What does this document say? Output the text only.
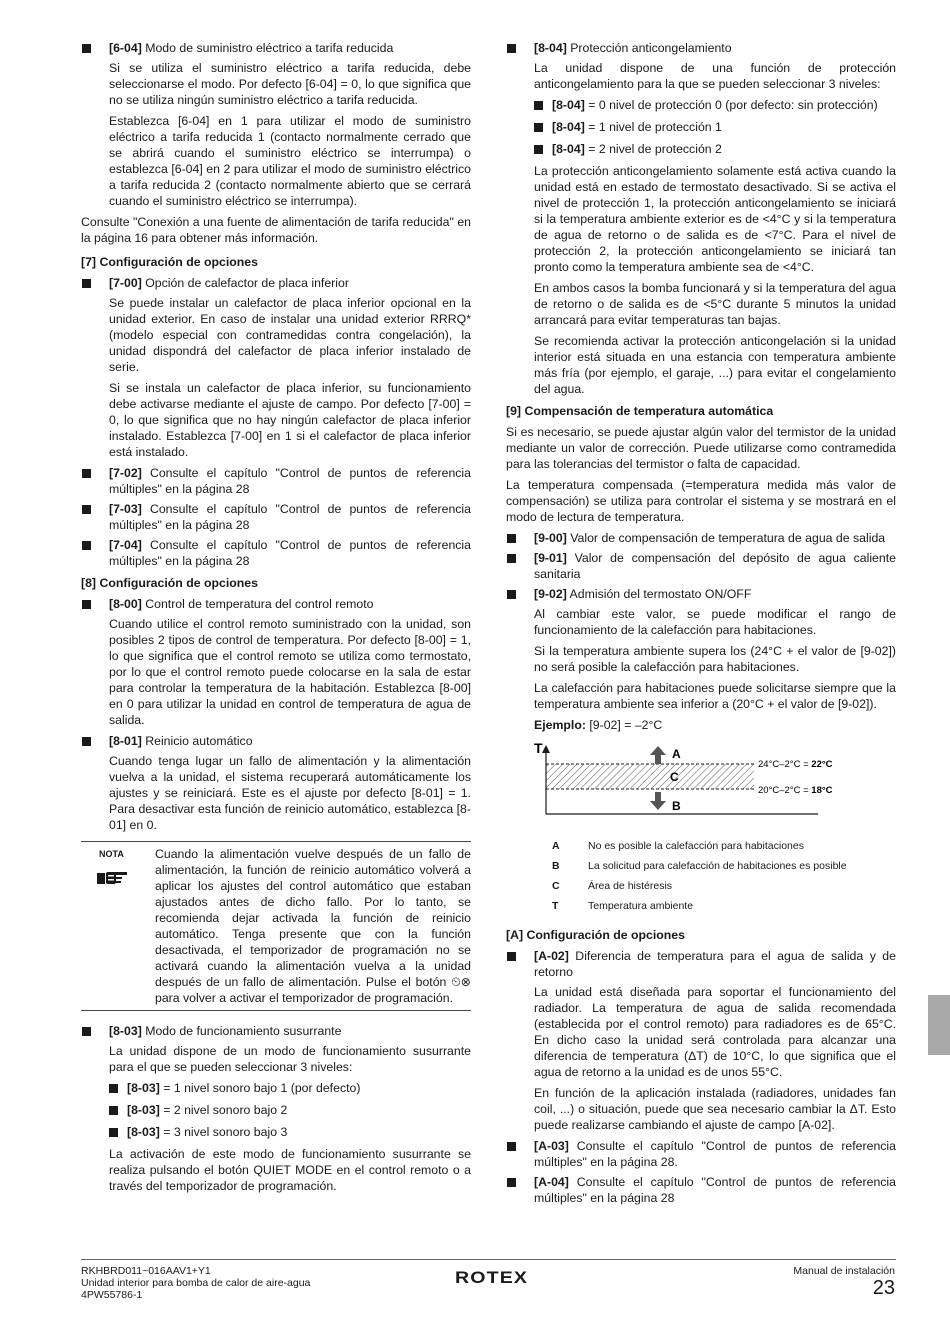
[6-04] Modo de suministro eléctrico a tarifa reducida

Si se utiliza el suministro eléctrico a tarifa reducida, debe seleccionarse el modo. Por defecto [6-04] = 0, lo que significa que no se utiliza ningún suministro eléctrico a tarifa reducida.

Establezca [6-04] en 1 para utilizar el modo de suministro eléctrico a tarifa reducida 1 (contacto normalmente cerrado que se abrirá cuando el suministro eléctrico se interrumpa) o establezca [6-04] en 2 para utilizar el modo de suministro eléctrico a tarifa reducida 2 (contacto normalmente abierto que se cerrará cuando el suministro eléctrico se interrumpa).

Consulte "Conexión a una fuente de alimentación de tarifa reducida" en la página 16 para obtener más información.

[7] Configuración de opciones
[7-00] Opción de calefactor de placa inferior

Se puede instalar un calefactor de placa inferior opcional en la unidad exterior. En caso de instalar una unidad exterior RRRQ* (modelo especial con contramedidas contra congelación), la unidad dispondrá del calefactor de placa inferior instalado de serie.

Si se instala un calefactor de placa inferior, su funcionamiento debe activarse mediante el ajuste de campo. Por defecto [7-00] = 0, lo que significa que no hay ningún calefactor de placa inferior instalado. Establezca [7-00] en 1 si el calefactor de placa inferior está instalado.

[7-02] Consulte el capítulo "Control de puntos de referencia múltiples" en la página 28
[7-03] Consulte el capítulo "Control de puntos de referencia múltiples" en la página 28
[7-04] Consulte el capítulo "Control de puntos de referencia múltiples" en la página 28
[8] Configuración de opciones
[8-00] Control de temperatura del control remoto

Cuando utilice el control remoto suministrado con la unidad, son posibles 2 tipos de control de temperatura. Por defecto [8-00] = 1, lo que significa que el control remoto se utiliza como termostato, por lo que el control remoto puede colocarse en la sala de estar para controlar la temperatura de la habitación. Establezca [8-00] en 0 para utilizar la unidad en control de temperatura de agua de salida.

[8-01] Reinicio automático

Cuando tenga lugar un fallo de alimentación y la alimentación vuelva a la unidad, el sistema recuperará automáticamente los ajustes y se reiniciará. Este es el ajuste por defecto [8-01] = 1. Para desactivar esta función de reinicio automático, establezca [8-01] en 0.

NOTA	Cuando la alimentación vuelve después de un fallo de alimentación, la función de reinicio automático volverá a aplicar los ajustes del control automático que estaban ajustados antes de dicho fallo. Por lo tanto, se recomienda dejar activada la función de reinicio automático. Tenga presente que con la función desactivada, el temporizador de programación no se activará cuando la alimentación vuelva a la unidad después de un fallo de alimentación. Pulse el botón ⏲⊗ para volver a activar el temporizador de programación.
[8-03] Modo de funcionamiento susurrante

La unidad dispone de un modo de funcionamiento susurrante para el que se pueden seleccionar 3 niveles:

[8-03] = 1 nivel sonoro bajo 1 (por defecto)
[8-03] = 2 nivel sonoro bajo 2
[8-03] = 3 nivel sonoro bajo 3

La activación de este modo de funcionamiento susurrante se realiza pulsando el botón QUIET MODE en el control remoto o a través del temporizador de programación.

[8-04] Protección anticongelamiento

La unidad dispone de una función de protección anticongelamiento para la que se pueden seleccionar 3 niveles:

[8-04] = 0 nivel de protección 0 (por defecto: sin protección)
[8-04] = 1 nivel de protección 1
[8-04] = 2 nivel de protección 2

La protección anticongelamiento solamente está activa cuando la unidad está en estado de termostato desactivado. Si se activa el nivel de protección 1, la protección anticongelamiento se iniciará si la temperatura ambiente exterior es de <4°C y si la temperatura de agua de retorno o de salida es de <7°C. Para el nivel de protección 2, la protección anticongelamiento se iniciará tan pronto como la temperatura ambiente sea de <4°C.

En ambos casos la bomba funcionará y si la temperatura del agua de retorno o de salida es de <5°C durante 5 minutos la unidad arrancará para evitar temperaturas tan bajas.

Se recomienda activar la protección anticongelación si la unidad interior está situada en una estancia con temperatura ambiente más fría (por ejemplo, el garaje, ...) para evitar el congelamiento del agua.

[9] Compensación de temperatura automática

Si es necesario, se puede ajustar algún valor del termistor de la unidad mediante un valor de corrección. Puede utilizarse como contramedida para las tolerancias del termistor o falta de capacidad.

La temperatura compensada (=temperatura medida más valor de compensación) se utiliza para controlar el sistema y se mostrará en el modo de lectura de temperatura.

[9-00] Valor de compensación de temperatura de agua de salida
[9-01] Valor de compensación del depósito de agua caliente sanitaria
[9-02] Admisión del termostato ON/OFF

Al cambiar este valor, se puede modificar el rango de funcionamiento de la calefacción para habitaciones.

Si la temperatura ambiente supera los (24°C + el valor de [9-02]) no será posible la calefacción para habitaciones.

La calefacción para habitaciones puede solicitarse siempre que la temperatura ambiente sea inferior a (20°C + el valor de [9-02]).

Ejemplo: [9-02] = –2°C

T	A
C
B
24°C–2°C = 22°C
20°C–2°C = 18°C
A	No es posible la calefacción para habitaciones
B	La solicitud para calefacción de habitaciones es posible
C	Área de histéresis
T	Temperatura ambiente
[A] Configuración de opciones
[A-02] Diferencia de temperatura para el agua de salida y de retorno

La unidad está diseñada para soportar el funcionamiento del radiador. La temperatura de agua de salida recomendada (establecida por el control remoto) para radiadores es de 65°C. En dicho caso la unidad será controlada para alcanzar una diferencia de temperatura (ΔT) de 10°C, lo que significa que el agua de retorno a la unidad es de unos 55°C.

En función de la aplicación instalada (radiadores, unidades fan coil, ...) o situación, puede que sea necesario cambiar la ΔT. Esto puede realizarse cambiando el ajuste de campo [A-02].

[A-03] Consulte el capítulo "Control de puntos de referencia múltiples" en la página 28.
[A-04] Consulte el capítulo "Control de puntos de referencia múltiples" en la página 28
RKHBRD011~016AAV1+Y1
Unidad interior para bomba de calor de aire-agua
4PW55786-1
ROTEX	Manual de instalación
23
